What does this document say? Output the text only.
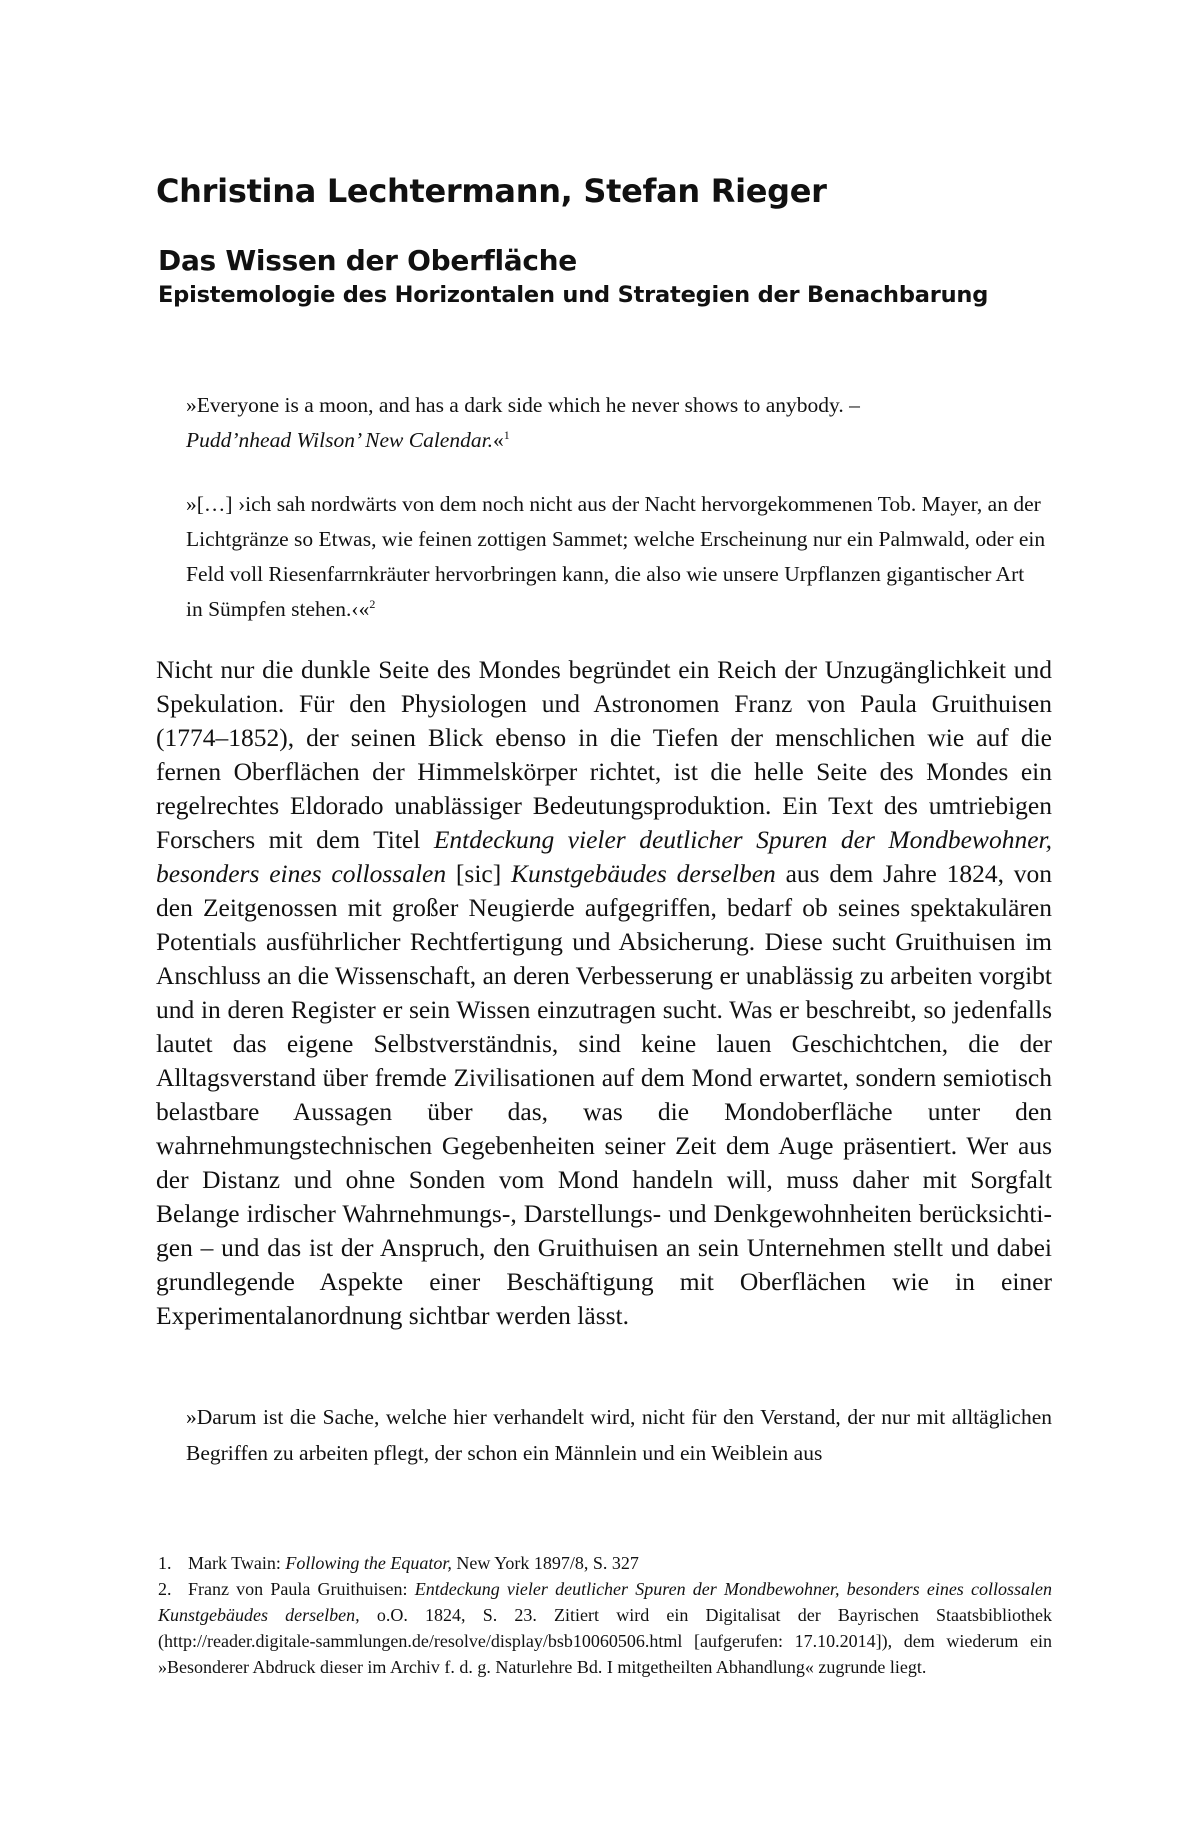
Christina Lechtermann, Stefan Rieger
Das Wissen der Oberfläche
Epistemologie des Horizontalen und Strategien der Benachbarung

»Everyone is a moon, and has a dark side which he never shows to anybody. –
Pudd’nhead Wilson’ New Calendar.«$^1$

»[…] ›ich sah nordwärts von dem noch nicht aus der Nacht hervorgekommenen Tob. Mayer, an der Lichtgränze so Etwas, wie feinen zottigen Sammet; welche Erscheinung nur ein Palmwald, oder ein Feld voll Riesenfarrnkräuter hervorbringen kann, die also wie unsere Urpflanzen gigantischer Art in Sümpfen stehen.‹«$^2$

Nicht nur die dunkle Seite des Mondes begründet ein Reich der Unzugänglichkeit und Spekulation. Für den Physiologen und Astronomen Franz von Paula Gruithuisen (1774–1852), der seinen Blick ebenso in die Tiefen der menschlichen wie auf die fernen Oberflächen der Himmelskörper richtet, ist die helle Seite des Mondes ein regelrechtes Eldorado unablässiger Bedeutungsproduktion. Ein Text des umtriebigen Forschers mit dem Titel Entdeckung vieler deutlicher Spuren der Mondbewohner, besonders eines collossalen [sic] Kunstgebäudes derselben aus dem Jahre 1824, von den Zeitgenossen mit großer Neugierde aufgegriffen, bedarf ob seines spektakulären Potentials ausführlicher Rechtfertigung und Absicherung. Diese sucht Gruithuisen im Anschluss an die Wissenschaft, an deren Verbesserung er unablässig zu arbeiten vorgibt und in deren Register er sein Wissen einzutragen sucht. Was er beschreibt, so jedenfalls lautet das eigene Selbstverständnis, sind keine lauen Geschichtchen, die der Alltagsverstand über fremde Zivilisationen auf dem Mond erwartet, sondern semiotisch belastbare Aussagen über das, was die Mondoberfläche unter den wahrnehmungstechnischen Gegebenheiten seiner Zeit dem Auge präsentiert. Wer aus der Distanz und ohne Sonden vom Mond handeln will, muss daher mit Sorgfalt Belange irdischer Wahrnehmungs-, Darstellungs- und Denkgewohnheiten berücksichtigen – und das ist der Anspruch, den Gruithuisen an sein Unternehmen stellt und dabei grundlegende Aspekte einer Beschäftigung mit Oberflächen wie in einer Experimentalanordnung sichtbar werden lässt.

»Darum ist die Sache, welche hier verhandelt wird, nicht für den Verstand, der nur mit alltäglichen Begriffen zu arbeiten pflegt, der schon ein Männlein und ein Weiblein aus

1. Mark Twain: Following the Equator, New York 1897/8, S. 327
2. Franz von Paula Gruithuisen: Entdeckung vieler deutlicher Spuren der Mondbewohner, besonders eines collossalen Kunstgebäudes derselben, o.O. 1824, S. 23. Zitiert wird ein Digitalisat der Bayrischen Staatsbibliothek (http://reader.digitale-sammlungen.de/resolve/display/bsb10060506.html [aufgerufen: 17.10.2014]), dem wiederum ein »Besonderer Abdruck dieser im Archiv f. d. g. Naturlehre Bd. I mitgetheilten Abhandlung« zugrunde liegt.
